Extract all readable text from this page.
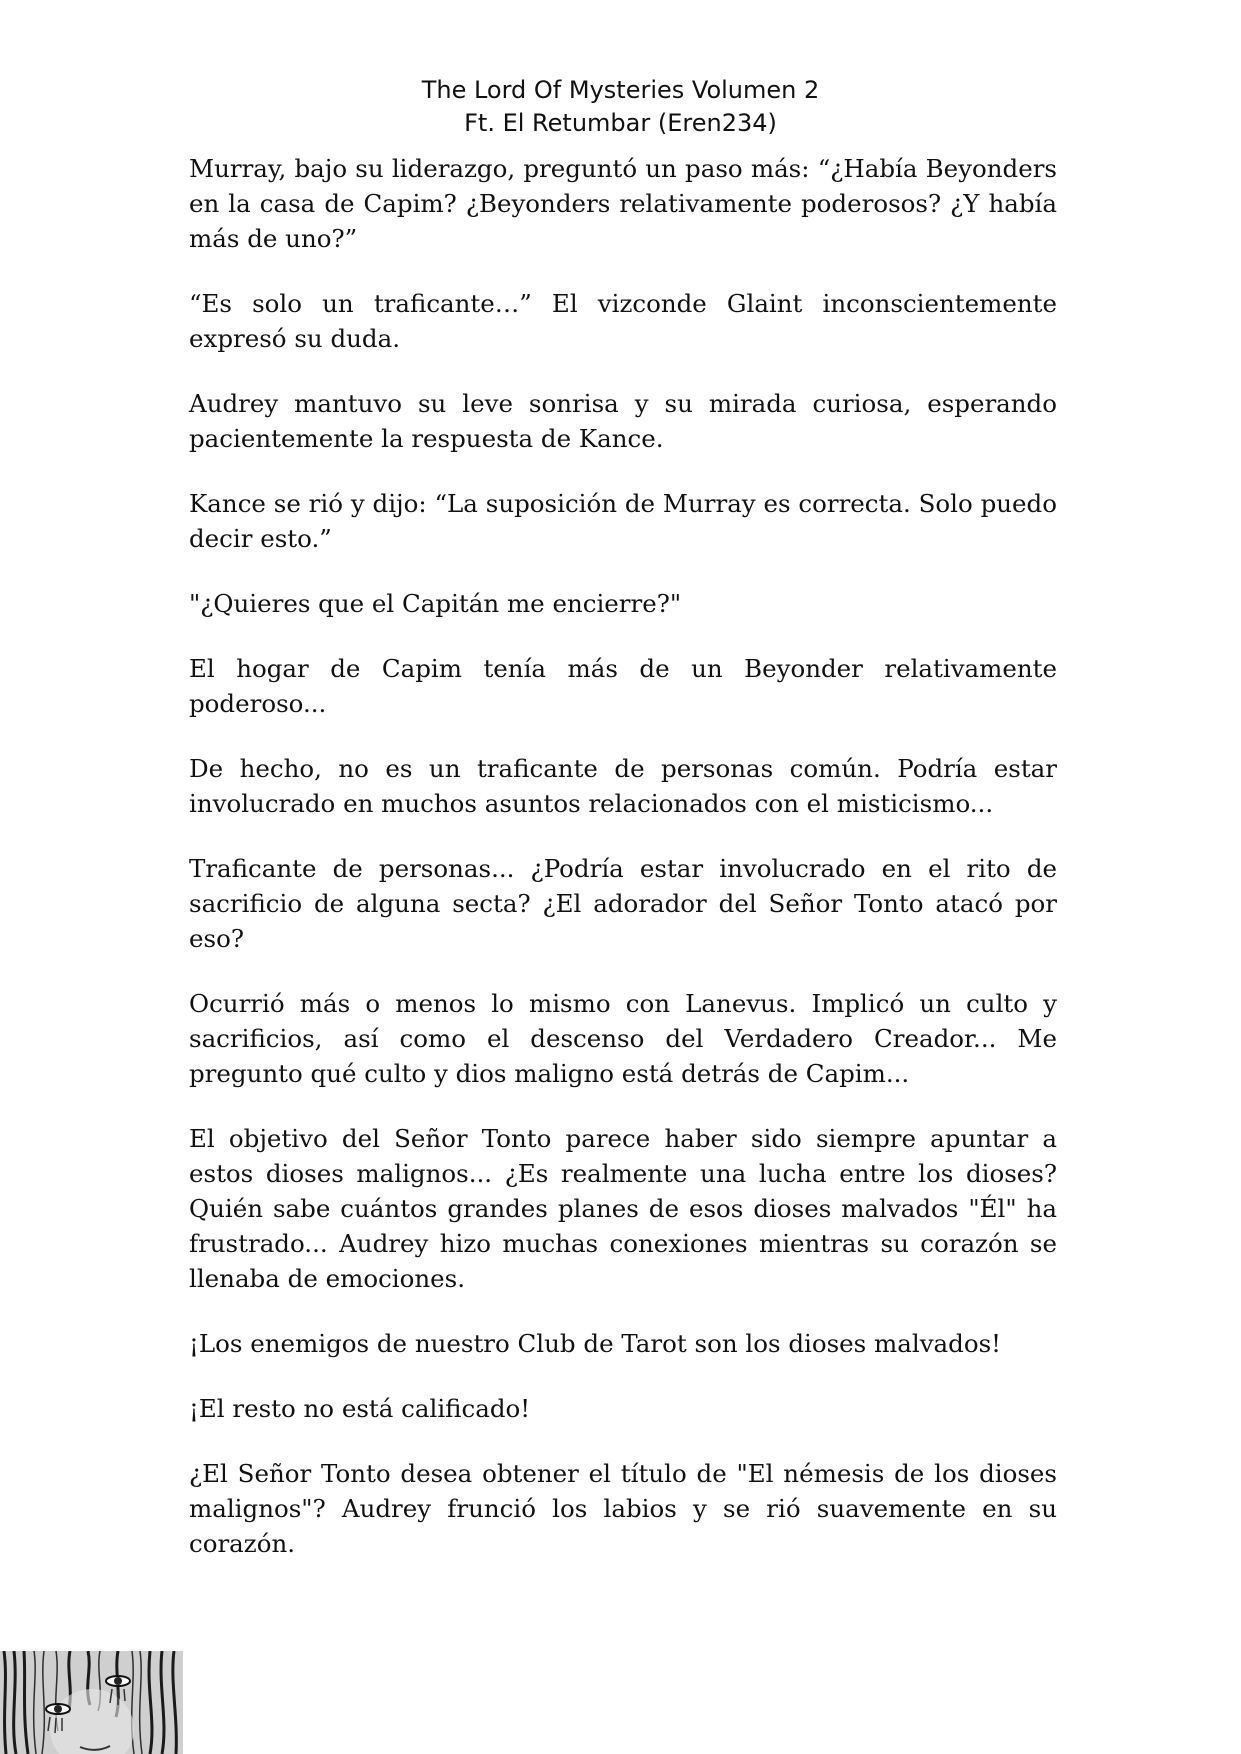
The Lord Of Mysteries Volumen 2
Ft. El Retumbar (Eren234)

Murray, bajo su liderazgo, preguntó un paso más: “¿Había Beyonders en la casa de Capim? ¿Beyonders relativamente poderosos? ¿Y había más de uno?”

“Es solo un traficante…” El vizconde Glaint inconscientemente expresó su duda.

Audrey mantuvo su leve sonrisa y su mirada curiosa, esperando pacientemente la respuesta de Kance.

Kance se rió y dijo: “La suposición de Murray es correcta. Solo puedo decir esto.”

"¿Quieres que el Capitán me encierre?"

El hogar de Capim tenía más de un Beyonder relativamente poderoso...

De hecho, no es un traficante de personas común. Podría estar involucrado en muchos asuntos relacionados con el misticismo...

Traficante de personas... ¿Podría estar involucrado en el rito de sacrificio de alguna secta? ¿El adorador del Señor Tonto atacó por eso?

Ocurrió más o menos lo mismo con Lanevus. Implicó un culto y sacrificios, así como el descenso del Verdadero Creador... Me pregunto qué culto y dios maligno está detrás de Capim...

El objetivo del Señor Tonto parece haber sido siempre apuntar a estos dioses malignos... ¿Es realmente una lucha entre los dioses? Quién sabe cuántos grandes planes de esos dioses malvados "Él" ha frustrado... Audrey hizo muchas conexiones mientras su corazón se llenaba de emociones.

¡Los enemigos de nuestro Club de Tarot son los dioses malvados!

¡El resto no está calificado!

¿El Señor Tonto desea obtener el título de "El némesis de los dioses malignos"? Audrey frunció los labios y se rió suavemente en su corazón.
